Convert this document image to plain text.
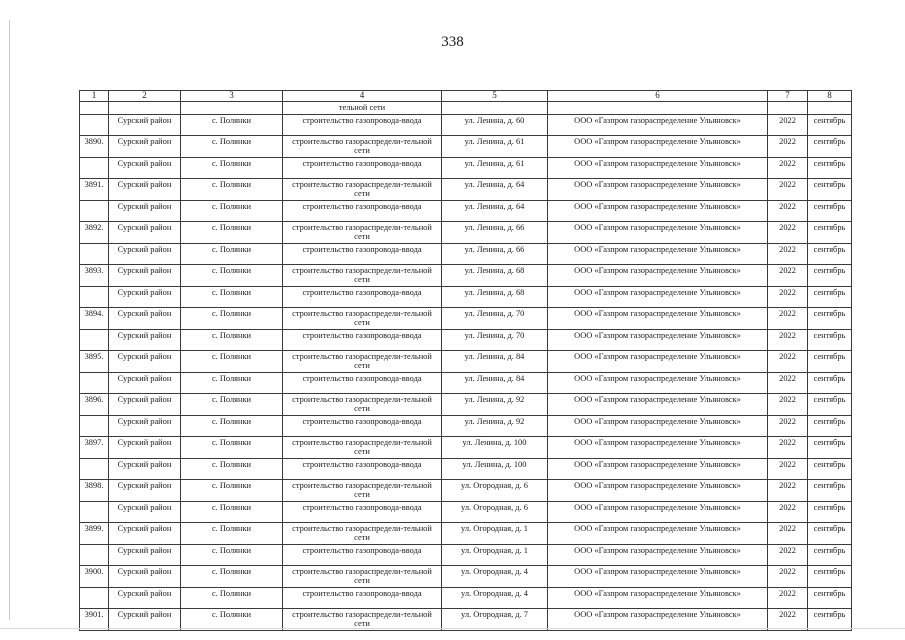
338
1	2	3	4	5	6	7	8
			тельной сети				
	Сурский район	с. Полянки	строительство газопровода-ввода	ул. Ленина, д. 60	ООО «Газпром газораспределение Ульяновск»	2022	сентябрь
3890.	Сурский район	с. Полянки	строительство газораспредели-тельной сети	ул. Ленина, д. 61	ООО «Газпром газораспределение Ульяновск»	2022	сентябрь
	Сурский район	с. Полянки	строительство газопровода-ввода	ул. Ленина, д. 61	ООО «Газпром газораспределение Ульяновск»	2022	сентябрь
3891.	Сурский район	с. Полянки	строительство газораспредели-тельной сети	ул. Ленина, д. 64	ООО «Газпром газораспределение Ульяновск»	2022	сентябрь
	Сурский район	с. Полянки	строительство газопровода-ввода	ул. Ленина, д. 64	ООО «Газпром газораспределение Ульяновск»	2022	сентябрь
3892.	Сурский район	с. Полянки	строительство газораспредели-тельной сети	ул. Ленина, д. 66	ООО «Газпром газораспределение Ульяновск»	2022	сентябрь
	Сурский район	с. Полянки	строительство газопровода-ввода	ул. Ленина, д. 66	ООО «Газпром газораспределение Ульяновск»	2022	сентябрь
3893.	Сурский район	с. Полянки	строительство газораспредели-тельной сети	ул. Ленина, д. 68	ООО «Газпром газораспределение Ульяновск»	2022	сентябрь
	Сурский район	с. Полянки	строительство газопровода-ввода	ул. Ленина, д. 68	ООО «Газпром газораспределение Ульяновск»	2022	сентябрь
3894.	Сурский район	с. Полянки	строительство газораспредели-тельной сети	ул. Ленина, д. 70	ООО «Газпром газораспределение Ульяновск»	2022	сентябрь
	Сурский район	с. Полянки	строительство газопровода-ввода	ул. Ленина, д. 70	ООО «Газпром газораспределение Ульяновск»	2022	сентябрь
3895.	Сурский район	с. Полянки	строительство газораспредели-тельной сети	ул. Ленина, д. 84	ООО «Газпром газораспределение Ульяновск»	2022	сентябрь
	Сурский район	с. Полянки	строительство газопровода-ввода	ул. Ленина, д. 84	ООО «Газпром газораспределение Ульяновск»	2022	сентябрь
3896.	Сурский район	с. Полянки	строительство газораспредели-тельной сети	ул. Ленина, д. 92	ООО «Газпром газораспределение Ульяновск»	2022	сентябрь
	Сурский район	с. Полянки	строительство газопровода-ввода	ул. Ленина, д. 92	ООО «Газпром газораспределение Ульяновск»	2022	сентябрь
3897.	Сурский район	с. Полянки	строительство газораспредели-тельной сети	ул. Ленина, д. 100	ООО «Газпром газораспределение Ульяновск»	2022	сентябрь
	Сурский район	с. Полянки	строительство газопровода-ввода	ул. Ленина, д. 100	ООО «Газпром газораспределение Ульяновск»	2022	сентябрь
3898.	Сурский район	с. Полянки	строительство газораспредели-тельной сети	ул. Огородная, д. 6	ООО «Газпром газораспределение Ульяновск»	2022	сентябрь
	Сурский район	с. Полянки	строительство газопровода-ввода	ул. Огородная, д. 6	ООО «Газпром газораспределение Ульяновск»	2022	сентябрь
3899.	Сурский район	с. Полянки	строительство газораспредели-тельной сети	ул. Огородная, д. 1	ООО «Газпром газораспределение Ульяновск»	2022	сентябрь
	Сурский район	с. Полянки	строительство газопровода-ввода	ул. Огородная, д. 1	ООО «Газпром газораспределение Ульяновск»	2022	сентябрь
3900.	Сурский район	с. Полянки	строительство газораспредели-тельной сети	ул. Огородная, д. 4	ООО «Газпром газораспределение Ульяновск»	2022	сентябрь
	Сурский район	с. Полянки	строительство газопровода-ввода	ул. Огородная, д. 4	ООО «Газпром газораспределение Ульяновск»	2022	сентябрь
3901.	Сурский район	с. Полянки	строительство газораспредели-тельной сети	ул. Огородная, д. 7	ООО «Газпром газораспределение Ульяновск»	2022	сентябрь
